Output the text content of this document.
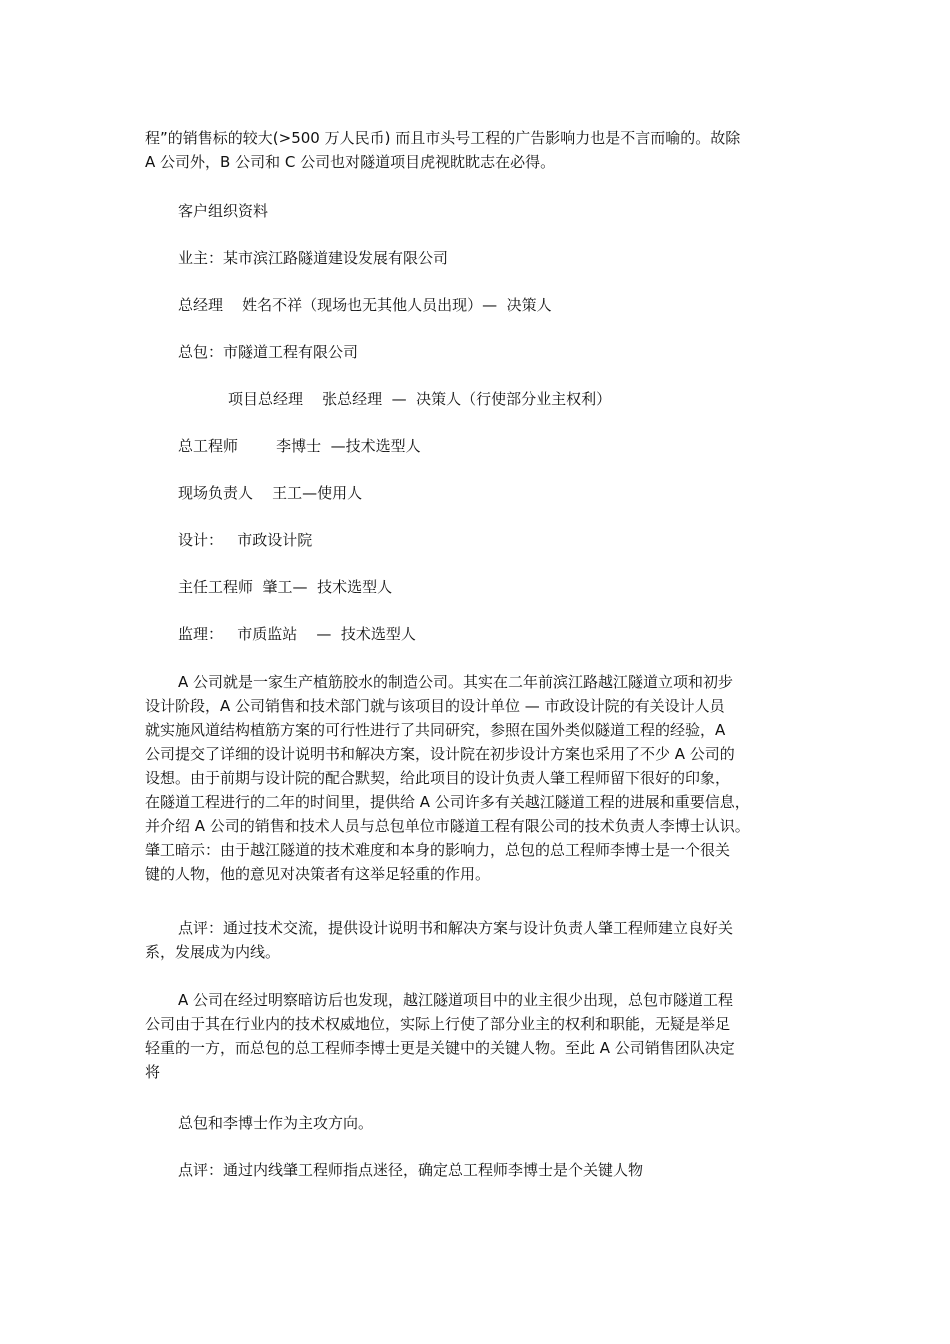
程”的销售标的较大(>500 万人民币) 而且市头号工程的广告影响力也是不言而喻的。故除
A 公司外，B 公司和 C 公司也对隧道项目虎视眈眈志在必得。

客户组织资料

业主：某市滨江路隧道建设发展有限公司

总经理    姓名不祥（现场也无其他人员出现）—  决策人

总包：市隧道工程有限公司

项目总经理    张总经理  —  决策人（行使部分业主权利）

总工程师        李博士  —技术选型人

现场负责人    王工—使用人

设计：   市政设计院

主任工程师  肇工—  技术选型人

监理：   市质监站    —  技术选型人

A 公司就是一家生产植筋胶水的制造公司。其实在二年前滨江路越江隧道立项和初步
设计阶段，A 公司销售和技术部门就与该项目的设计单位 — 市政设计院的有关设计人员
就实施风道结构植筋方案的可行性进行了共同研究，参照在国外类似隧道工程的经验，A
公司提交了详细的设计说明书和解决方案，设计院在初步设计方案也采用了不少 A 公司的
设想。由于前期与设计院的配合默契，给此项目的设计负责人肇工程师留下很好的印象，
在隧道工程进行的二年的时间里，提供给 A 公司许多有关越江隧道工程的进展和重要信息，
并介绍 A 公司的销售和技术人员与总包单位市隧道工程有限公司的技术负责人李博士认识。
肇工暗示：由于越江隧道的技术难度和本身的影响力，总包的总工程师李博士是一个很关
键的人物，他的意见对决策者有这举足轻重的作用。
点评：通过技术交流，提供设计说明书和解决方案与设计负责人肇工程师建立良好关
系，发展成为内线。
A 公司在经过明察暗访后也发现，越江隧道项目中的业主很少出现，总包市隧道工程
公司由于其在行业内的技术权威地位，实际上行使了部分业主的权利和职能，无疑是举足
轻重的一方，而总包的总工程师李博士更是关键中的关键人物。至此 A 公司销售团队决定
将

总包和李博士作为主攻方向。

点评：通过内线肇工程师指点迷径，确定总工程师李博士是个关键人物
